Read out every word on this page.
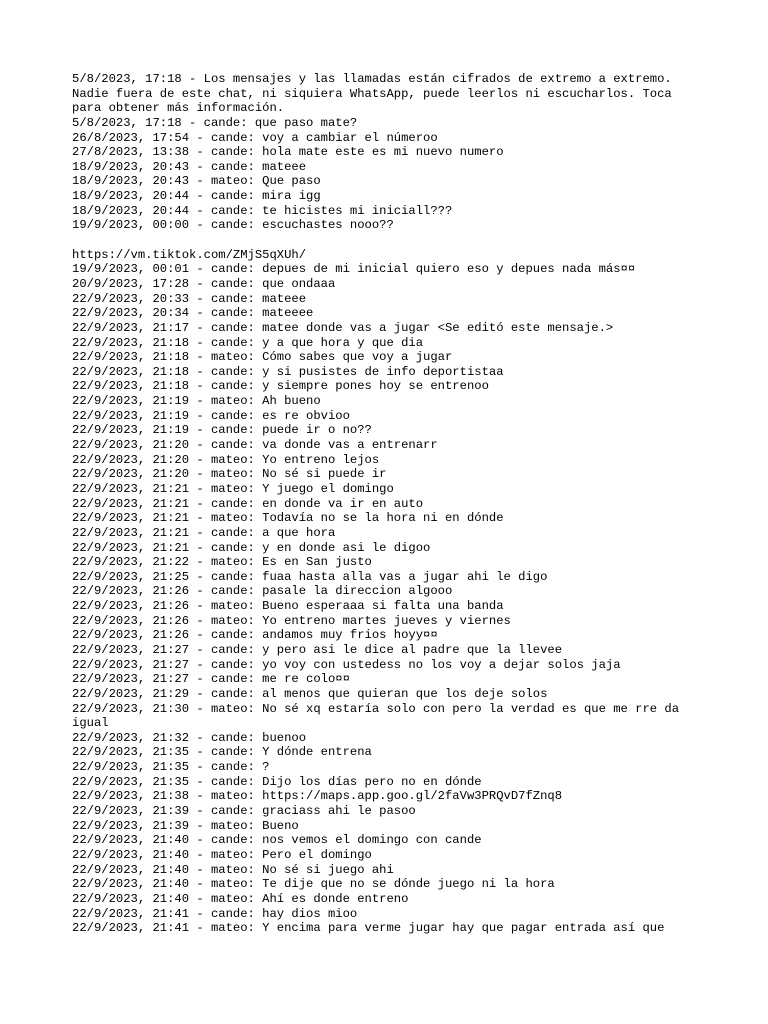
5/8/2023, 17:18 - Los mensajes y las llamadas están cifrados de extremo a extremo.
Nadie fuera de este chat, ni siquiera WhatsApp, puede leerlos ni escucharlos. Toca
para obtener más información.
5/8/2023, 17:18 - cande: que paso mate?
26/8/2023, 17:54 - cande: voy a cambiar el númeroo
27/8/2023, 13:38 - cande: hola mate este es mi nuevo numero
18/9/2023, 20:43 - cande: mateee
18/9/2023, 20:43 - mateo: Que paso
18/9/2023, 20:44 - cande: mira igg
18/9/2023, 20:44 - cande: te hicistes mi iniciall???
19/9/2023, 00:00 - cande: escuchastes nooo??
https://vm.tiktok.com/ZMjS5qXUh/
19/9/2023, 00:01 - cande: depues de mi inicial quiero eso y depues nada más¤¤
20/9/2023, 17:28 - cande: que ondaaa
22/9/2023, 20:33 - cande: mateee
22/9/2023, 20:34 - cande: mateeee
22/9/2023, 21:17 - cande: matee donde vas a jugar <Se editó este mensaje.>
22/9/2023, 21:18 - cande: y a que hora y que dia
22/9/2023, 21:18 - mateo: Cómo sabes que voy a jugar
22/9/2023, 21:18 - cande: y si pusistes de info deportistaa
22/9/2023, 21:18 - cande: y siempre pones hoy se entrenoo
22/9/2023, 21:19 - mateo: Ah bueno
22/9/2023, 21:19 - cande: es re obvioo
22/9/2023, 21:19 - cande: puede ir o no??
22/9/2023, 21:20 - cande: va donde vas a entrenarr
22/9/2023, 21:20 - mateo: Yo entreno lejos
22/9/2023, 21:20 - mateo: No sé si puede ir
22/9/2023, 21:21 - mateo: Y juego el domingo
22/9/2023, 21:21 - cande: en donde va ir en auto
22/9/2023, 21:21 - mateo: Todavía no se la hora ni en dónde
22/9/2023, 21:21 - cande: a que hora
22/9/2023, 21:21 - cande: y en donde asi le digoo
22/9/2023, 21:22 - mateo: Es en San justo
22/9/2023, 21:25 - cande: fuaa hasta alla vas a jugar ahi le digo
22/9/2023, 21:26 - cande: pasale la direccion algooo
22/9/2023, 21:26 - mateo: Bueno esperaaa si falta una banda
22/9/2023, 21:26 - mateo: Yo entreno martes jueves y viernes
22/9/2023, 21:26 - cande: andamos muy frios hoyy¤¤
22/9/2023, 21:27 - cande: y pero asi le dice al padre que la llevee
22/9/2023, 21:27 - cande: yo voy con ustedess no los voy a dejar solos jaja
22/9/2023, 21:27 - cande: me re colo¤¤
22/9/2023, 21:29 - cande: al menos que quieran que los deje solos
22/9/2023, 21:30 - mateo: No sé xq estaría solo con pero la verdad es que me rre da
igual
22/9/2023, 21:32 - cande: buenoo
22/9/2023, 21:35 - cande: Y dónde entrena
22/9/2023, 21:35 - cande: ?
22/9/2023, 21:35 - cande: Dijo los días pero no en dónde
22/9/2023, 21:38 - mateo: https://maps.app.goo.gl/2faVw3PRQvD7fZnq8
22/9/2023, 21:39 - cande: graciass ahi le pasoo
22/9/2023, 21:39 - mateo: Bueno
22/9/2023, 21:40 - cande: nos vemos el domingo con cande
22/9/2023, 21:40 - mateo: Pero el domingo
22/9/2023, 21:40 - mateo: No sé si juego ahi
22/9/2023, 21:40 - mateo: Te dije que no se dónde juego ni la hora
22/9/2023, 21:40 - mateo: Ahí es donde entreno
22/9/2023, 21:41 - cande: hay dios mioo
22/9/2023, 21:41 - mateo: Y encima para verme jugar hay que pagar entrada así que
